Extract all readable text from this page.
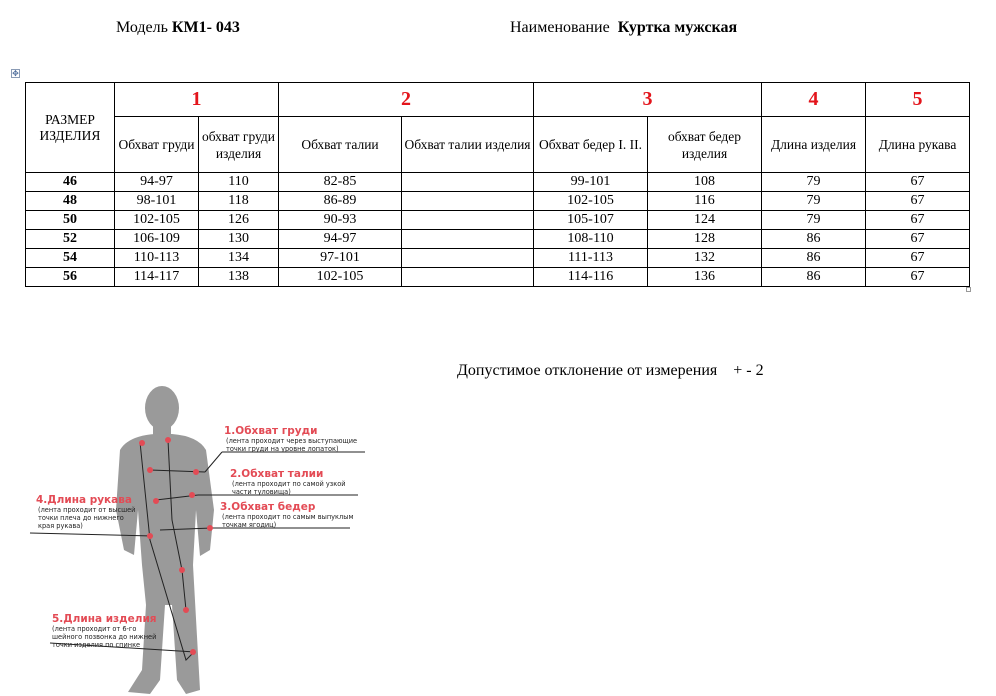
Модель КМ1- 043	Наименование Куртка мужская
✥
РАЗМЕР ИЗДЕЛИЯ	1		2		3		4	5
	Обхват груди	обхват груди изделия	Обхват талии	Обхват талии изделия	Обхват бедер I. II.	обхват бедер изделия	Длина изделия	Длина рукава
46	94-97	110	82-85		99-101	108	79	67
48	98-101	118	86-89		102-105	116	79	67
50	102-105	126	90-93		105-107	124	79	67
52	106-109	130	94-97		108-110	128	86	67
54	110-113	134	97-101		111-113	132	86	67
56	114-117	138	102-105		114-116	136	86	67
Допустимое отклонение от измерения    + - 2
1.Обхват груди
(лента проходит через выступающие
точки груди на уровне лопаток)
2.Обхват талии
(лента проходит по самой узкой
части туловища)
3.Обхват бедер
(лента проходит по самым выпуклым
точкам ягодиц)
4.Длина рукава
(лента проходит от высшей
точки плеча до нижнего
края рукава)
5.Длина изделия
(лента проходит от 6-го
шейного позвонка до нижней
точки изделия по спинке
